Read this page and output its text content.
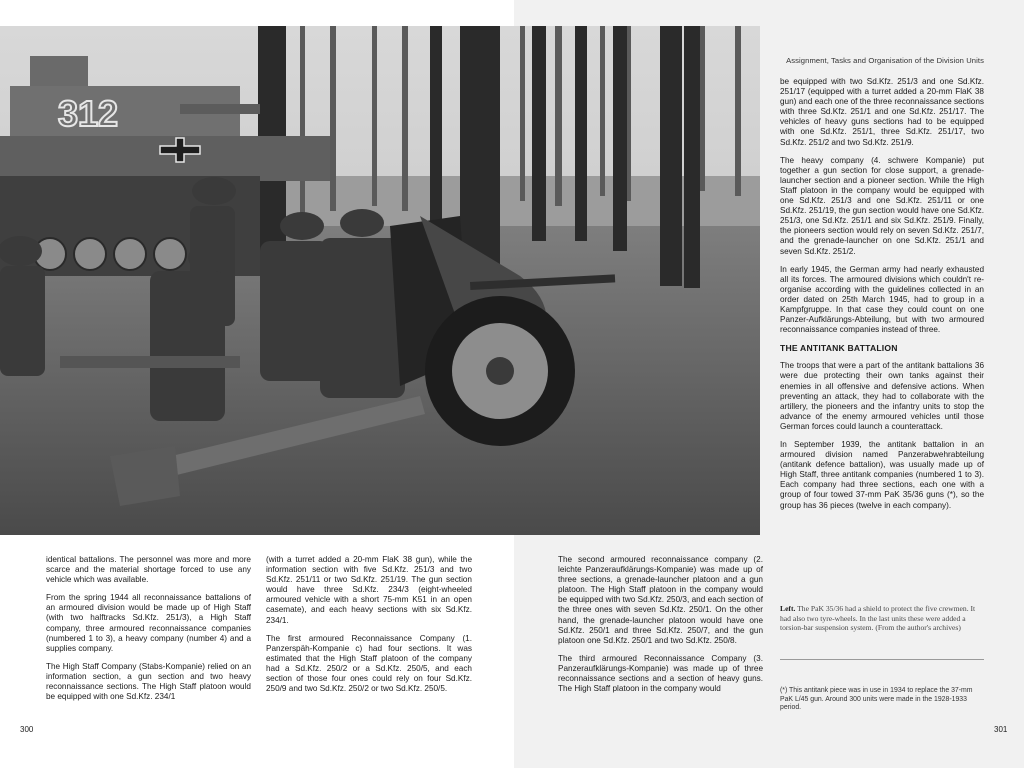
312
Assignment, Tasks and Organisation of the Division Units

identical battalions. The personnel was more and more scarce and the material shortage forced to use any vehicle which was available.

From the spring 1944 all reconnaissance battalions of an armoured division would be made up of High Staff (with two halftracks Sd.Kfz. 251/3), a High Staff company, three armoured reconnaissance companies (numbered 1 to 3), a heavy company (number 4) and a supplies company.

The High Staff Company (Stabs-Kompanie) relied on an information section, a gun section and two heavy reconnaissance sections. The High Staff platoon would be equipped with one Sd.Kfz. 234/1

(with a turret added a 20-mm FlaK 38 gun), while the information section with five Sd.Kfz. 251/3 and two Sd.Kfz. 251/11 or two Sd.Kfz. 251/19. The gun section would have three Sd.Kfz. 234/3 (eight-wheeled armoured vehicle with a short 75-mm K51 in an open casemate), and each heavy sections with six Sd.Kfz. 234/1.

The first armoured Reconnaissance Company (1. Panzerspäh-Kompanie c) had four sections. It was estimated that the High Staff platoon of the company had a Sd.Kfz. 250/2 or a Sd.Kfz. 250/5, and each section of those four ones could rely on four Sd.Kfz. 250/9 and two Sd.Kfz. 250/2 or two Sd.Kfz. 250/5.

The second armoured reconnaissance company (2. leichte Panzeraufklärungs-Kompanie) was made up of three sections, a grenade-launcher platoon and a gun platoon. The High Staff platoon in the company would be equipped with two Sd.Kfz. 250/3, and each section of the three ones with seven Sd.Kfz. 250/1. On the other hand, the grenade-launcher platoon would have one Sd.Kfz. 250/1 and three Sd.Kfz. 250/7, and the gun platoon one Sd.Kfz. 250/1 and two Sd.Kfz. 250/8.

The third armoured Reconnaissance Company (3. Panzeraufklärungs-Kompanie) was made up of three reconnaissance sections and a section of heavy guns. The High Staff platoon in the company would

be equipped with two Sd.Kfz. 251/3 and one Sd.Kfz. 251/17 (equipped with a turret added a 20-mm FlaK 38 gun) and each one of the three reconnaissance sections with three Sd.Kfz. 251/1 and one Sd.Kfz. 251/17. The vehicles of heavy guns sections had to be equipped with one Sd.Kfz. 251/1, three Sd.Kfz. 251/17, two Sd.Kfz. 251/2 and two Sd.Kfz. 251/9.

The heavy company (4. schwere Kompanie) put together a gun section for close support, a grenade-launcher section and a pioneer section. While the High Staff platoon in the company would be equipped with one Sd.Kfz. 251/3 and one Sd.Kfz. 251/11 or one Sd.Kfz. 251/19, the gun section would have one Sd.Kfz. 251/3, one Sd.Kfz. 251/1 and six Sd.Kfz. 251/9. Finally, the pioneers section would rely on seven Sd.Kfz. 251/7, and the grenade-launcher on one Sd.Kfz. 251/1 and seven Sd.Kfz. 251/2.

In early 1945, the German army had nearly exhausted all its forces. The armoured divisions which couldn't re-organise according with the guidelines collected in an order dated on 25th March 1945, had to group in a Kampfgruppe. In that case they could count on one Panzer-Aufklärungs-Abteilung, but with two armoured reconnaissance companies instead of three.

THE ANTITANK BATTALION

The troops that were a part of the antitank battalions 36 were due protecting their own tanks against their enemies in all offensive and defensive actions. When preventing an attack, they had to collaborate with the artillery, the pioneers and the infantry units to stop the advance of the enemy armoured vehicles until those German forces could launch a counterattack.

In September 1939, the antitank battalion in an armoured division named Panzerabwehrabteilung (antitank defence battalion), was usually made up of High Staff, three antitank companies (numbered 1 to 3). Each company had three sections, each one with a group of four towed 37-mm PaK 35/36 guns (*), so the group has 36 pieces (twelve in each company).

Left. The PaK 35/36 had a shield to protect the five crewmen. It had also two tyre-wheels. In the last units these were added a torsion-bar suspension system. (From the author's archives)
(*) This antitank piece was in use in 1934 to replace the 37-mm PaK L/45 gun. Around 300 units were made in the 1928-1933 period.
300	301
